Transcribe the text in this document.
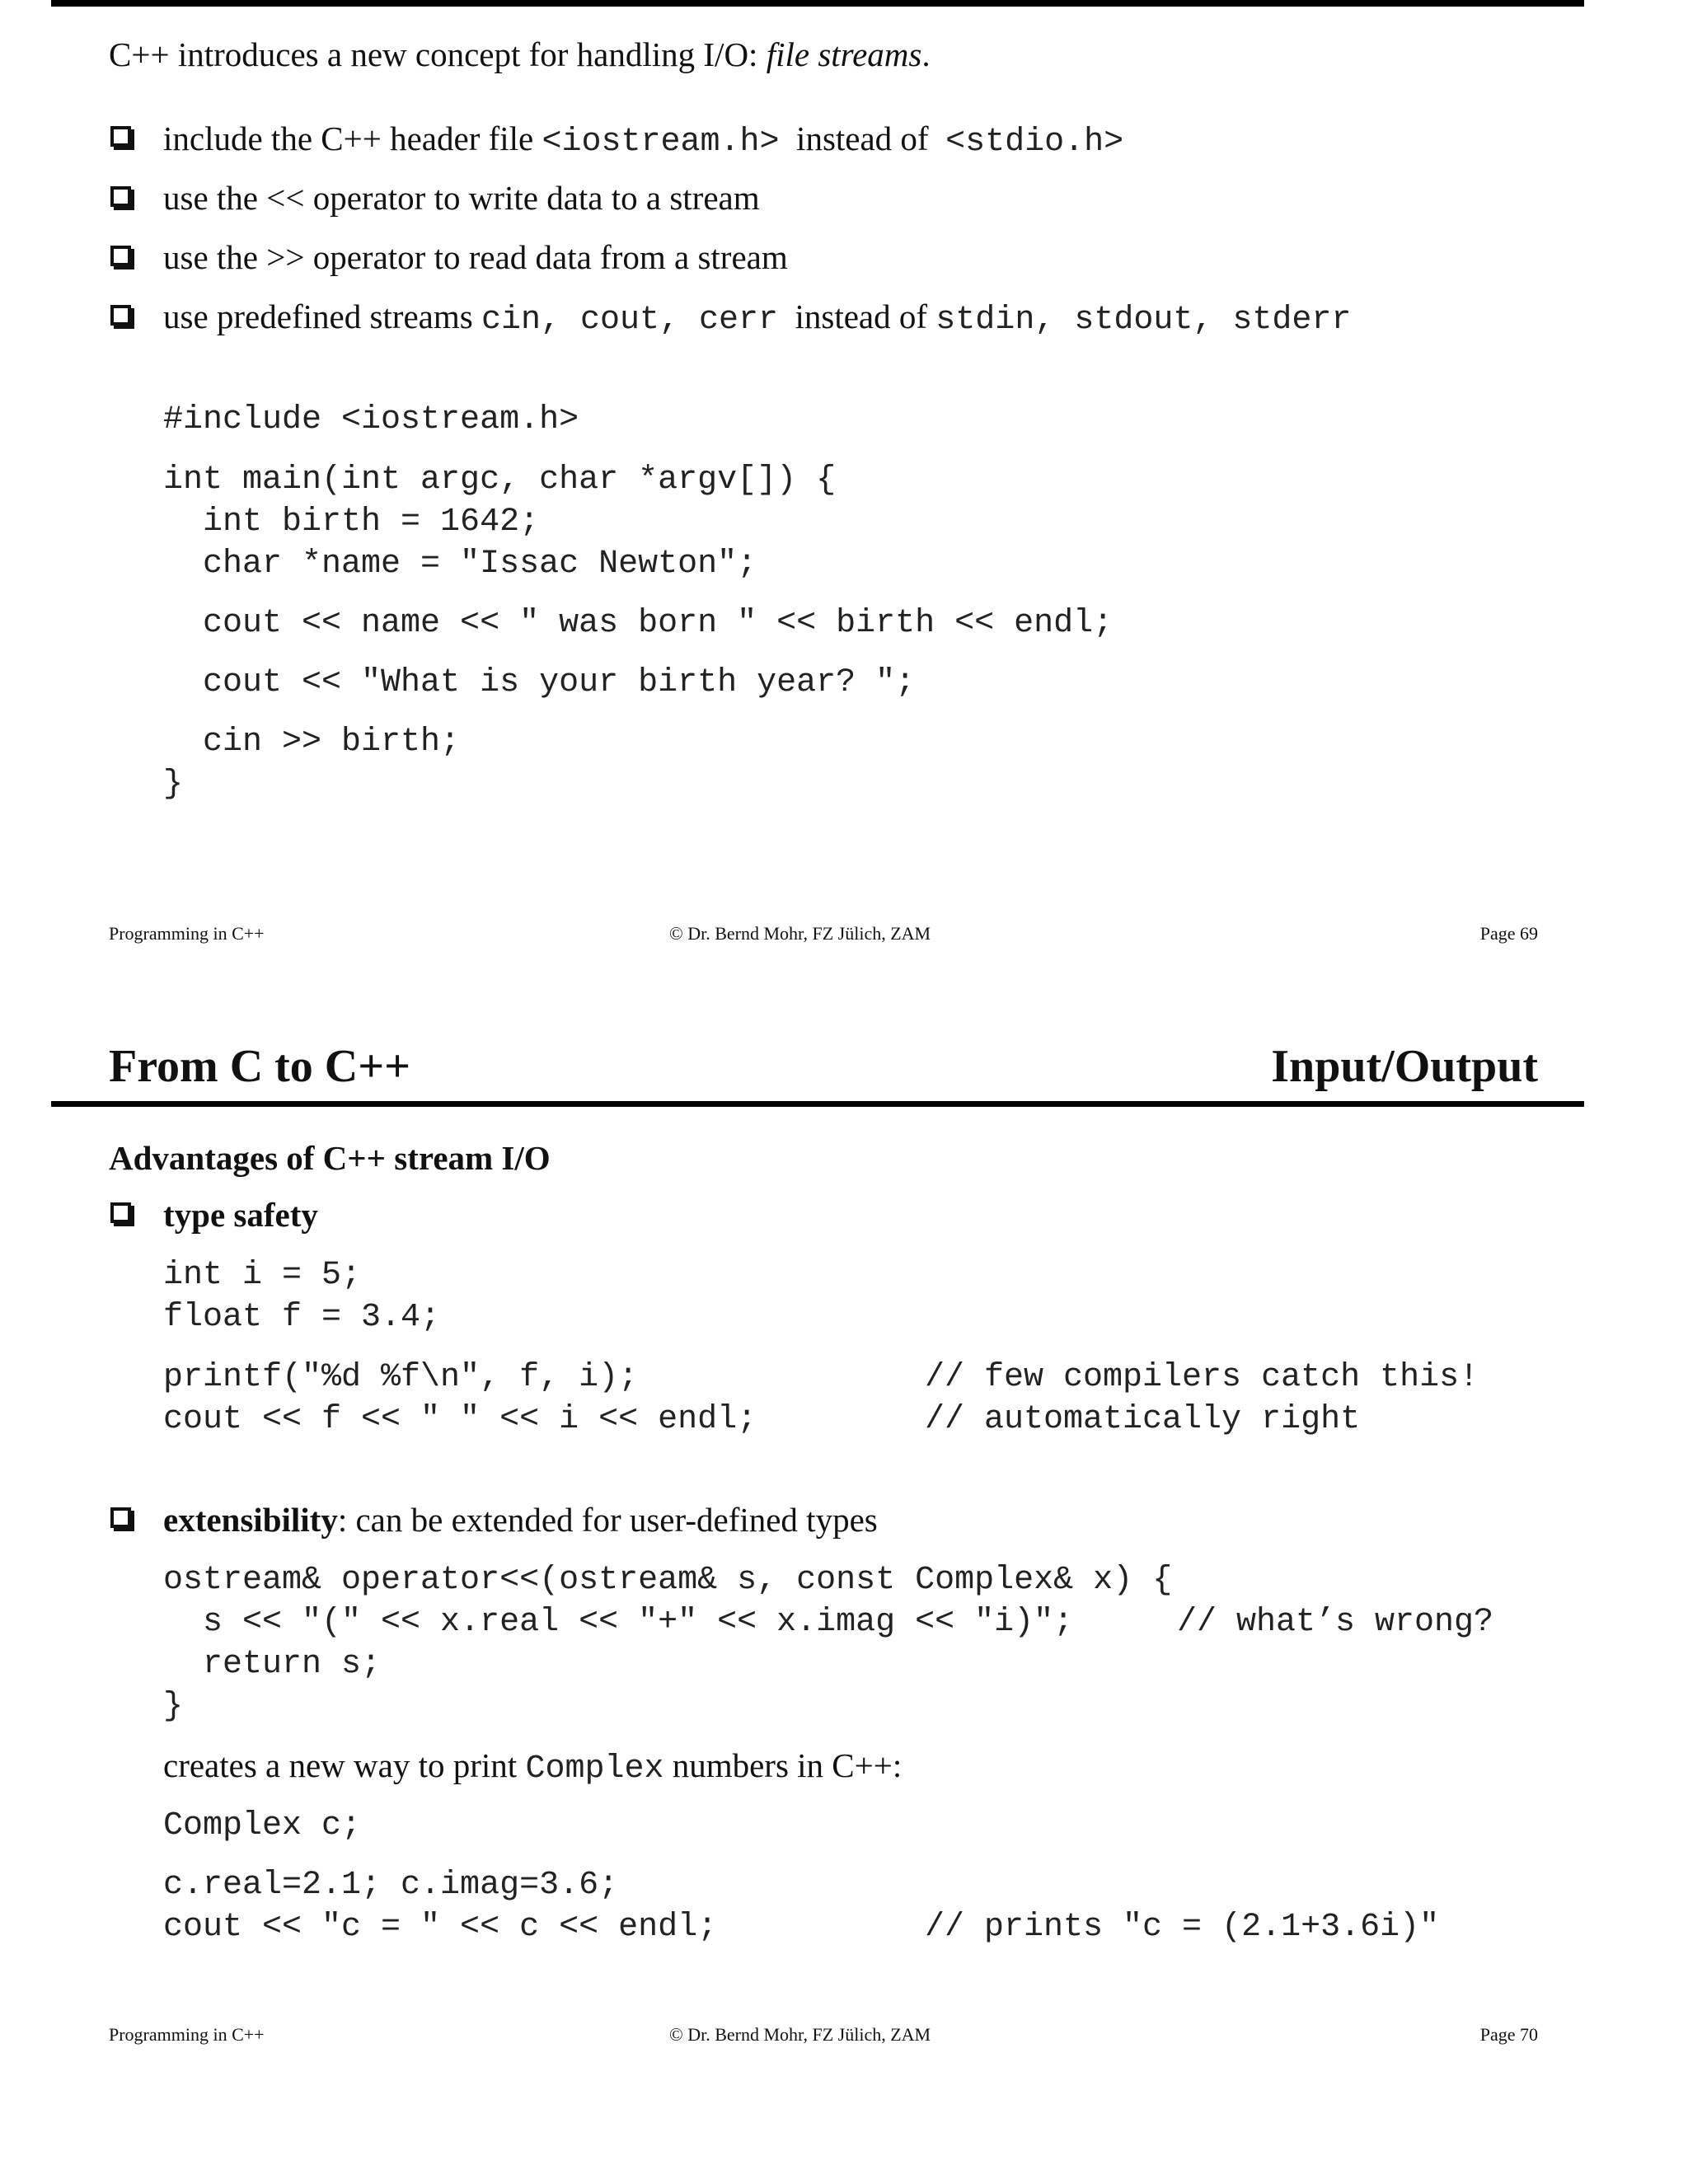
C++ introduces a new concept for handling I/O: file streams.
include the C++ header file <iostream.h>  instead of  <stdio.h>
use the << operator to write data to a stream
use the >> operator to read data from a stream
use predefined streams cin, cout, cerr  instead of stdin, stdout, stderr
#include <iostream.h>
int main(int argc, char *argv[]) {
int birth = 1642;
char *name = "Issac Newton";
cout << name << " was born " << birth << endl;
cout << "What is your birth year? ";
cin >> birth;
}
Programming in C++	© Dr. Bernd Mohr, FZ Jülich, ZAM	Page 69
From C to C++	Input/Output
Advantages of C++ stream I/O
type safety
int i = 5;
float f = 3.4;
printf("%d %f\n", f, i);	// few compilers catch this!
cout << f << " " << i << endl;	// automatically right
extensibility: can be extended for user-defined types
ostream& operator<<(ostream& s, const Complex& x) {
s << "(" << x.real << "+" << x.imag << "i)";	// what’s wrong?
return s;
}
creates a new way to print Complex numbers in C++:
Complex c;
c.real=2.1; c.imag=3.6;
cout << "c = " << c << endl;	// prints "c = (2.1+3.6i)"
Programming in C++	© Dr. Bernd Mohr, FZ Jülich, ZAM	Page 70
